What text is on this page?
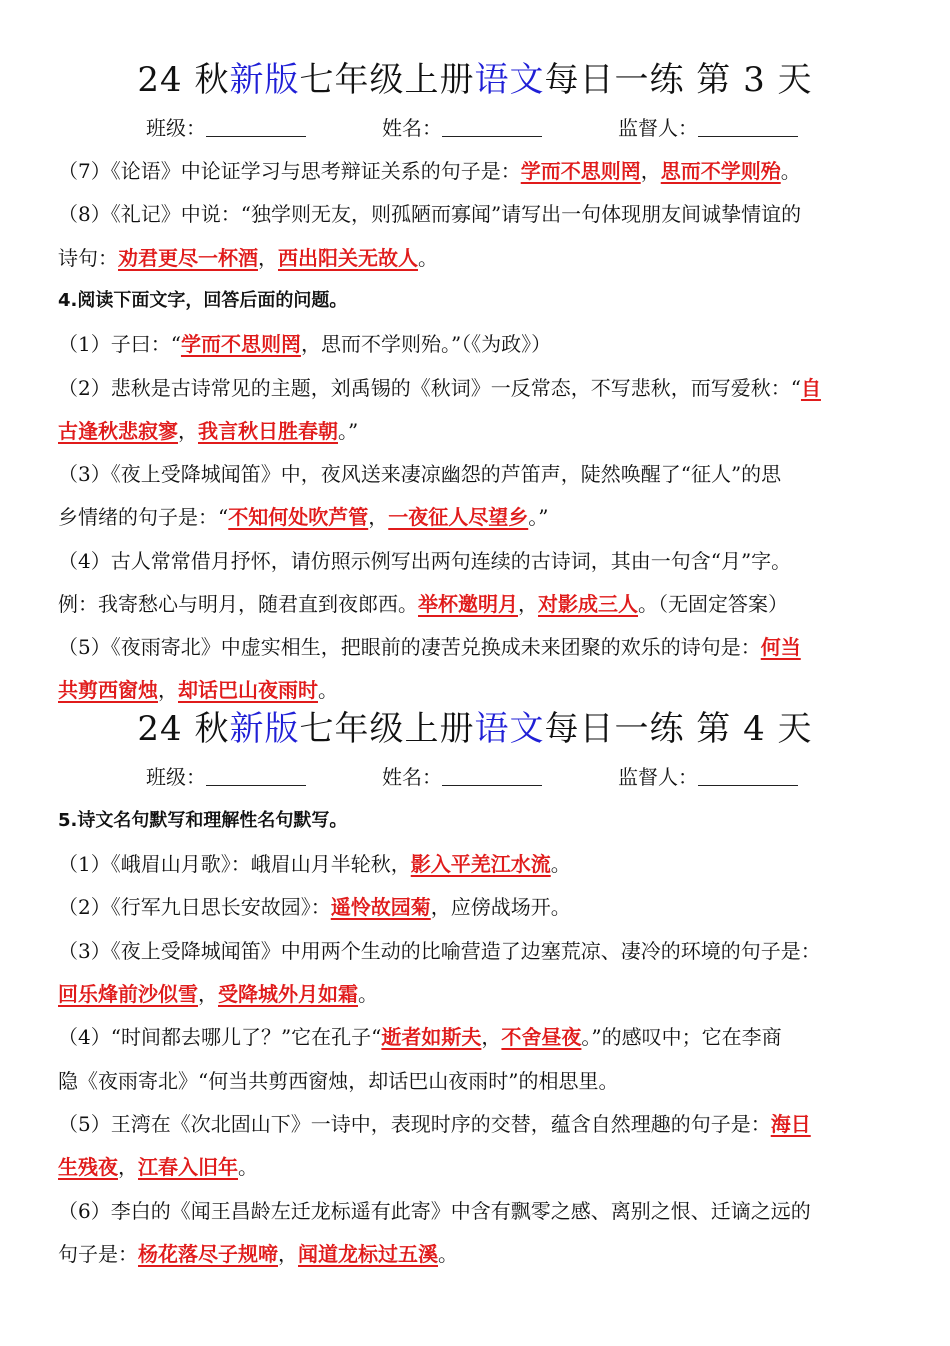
24 秋新版七年级上册语文每日一练 第 3 天
班级：	姓名：	监督人：
（7）《论语》中论证学习与思考辩证关系的句子是：学而不思则罔，思而不学则殆。
（8）《礼记》中说：“独学则无友，则孤陋而寡闻”请写出一句体现朋友间诚挚情谊的
诗句：劝君更尽一杯酒，西出阳关无故人。
4.阅读下面文字，回答后面的问题。
（1）子曰：“学而不思则罔，思而不学则殆。”（《为政》）
（2）悲秋是古诗常见的主题，刘禹锡的《秋词》一反常态，不写悲秋，而写爱秋：“自
古逢秋悲寂寥，我言秋日胜春朝。”
（3）《夜上受降城闻笛》中，夜风送来凄凉幽怨的芦笛声，陡然唤醒了“征人”的思
乡情绪的句子是：“不知何处吹芦管，一夜征人尽望乡。”
（4）古人常常借月抒怀，请仿照示例写出两句连续的古诗词，其由一句含“月”字。
例：我寄愁心与明月，随君直到夜郎西。举杯邀明月，对影成三人。（无固定答案）
（5）《夜雨寄北》中虚实相生，把眼前的凄苦兑换成未来团聚的欢乐的诗句是：何当
共剪西窗烛，却话巴山夜雨时。
24 秋新版七年级上册语文每日一练 第 4 天
班级：	姓名：	监督人：
5.诗文名句默写和理解性名句默写。
（1）《峨眉山月歌》：峨眉山月半轮秋，影入平羌江水流。
（2）《行军九日思长安故园》：遥怜故园菊，应傍战场开。
（3）《夜上受降城闻笛》中用两个生动的比喻营造了边塞荒凉、凄冷的环境的句子是：
回乐烽前沙似雪，受降城外月如霜。
（4）“时间都去哪儿了？”它在孔子“逝者如斯夫，不舍昼夜。”的感叹中；它在李商
隐《夜雨寄北》“何当共剪西窗烛，却话巴山夜雨时”的相思里。
（5）王湾在《次北固山下》一诗中，表现时序的交替，蕴含自然理趣的句子是：海日
生残夜，江春入旧年。
（6）李白的《闻王昌龄左迁龙标遥有此寄》中含有飘零之感、离别之恨、迁谪之远的
句子是：杨花落尽子规啼，闻道龙标过五溪。
